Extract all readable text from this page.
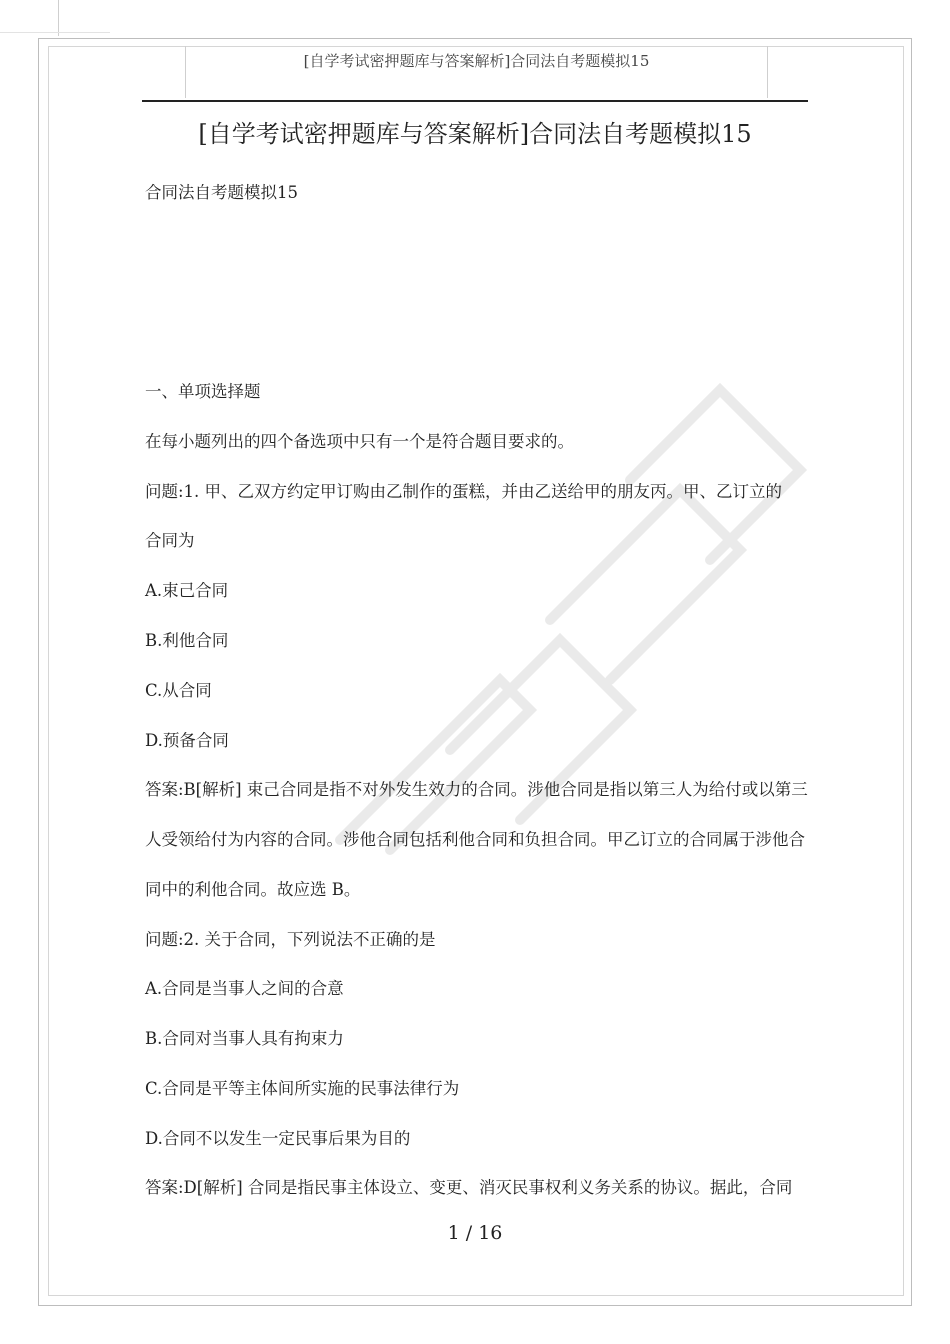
[自学考试密押题库与答案解析]合同法自考题模拟15
[自学考试密押题库与答案解析]合同法自考题模拟15
合同法自考题模拟15
一、单项选择题
在每小题列出的四个备选项中只有一个是符合题目要求的。
问题:1. 甲、乙双方约定甲订购由乙制作的蛋糕，并由乙送给甲的朋友丙。甲、乙订立的
合同为
A.束己合同
B.利他合同
C.从合同
D.预备合同
答案:B[解析] 束己合同是指不对外发生效力的合同。涉他合同是指以第三人为给付或以第三
人受领给付为内容的合同。涉他合同包括利他合同和负担合同。甲乙订立的合同属于涉他合
同中的利他合同。故应选 B。
问题:2. 关于合同，下列说法不正确的是
A.合同是当事人之间的合意
B.合同对当事人具有拘束力
C.合同是平等主体间所实施的民事法律行为
D.合同不以发生一定民事后果为目的
答案:D[解析] 合同是指民事主体设立、变更、消灭民事权利义务关系的协议。据此，合同
1 / 16
